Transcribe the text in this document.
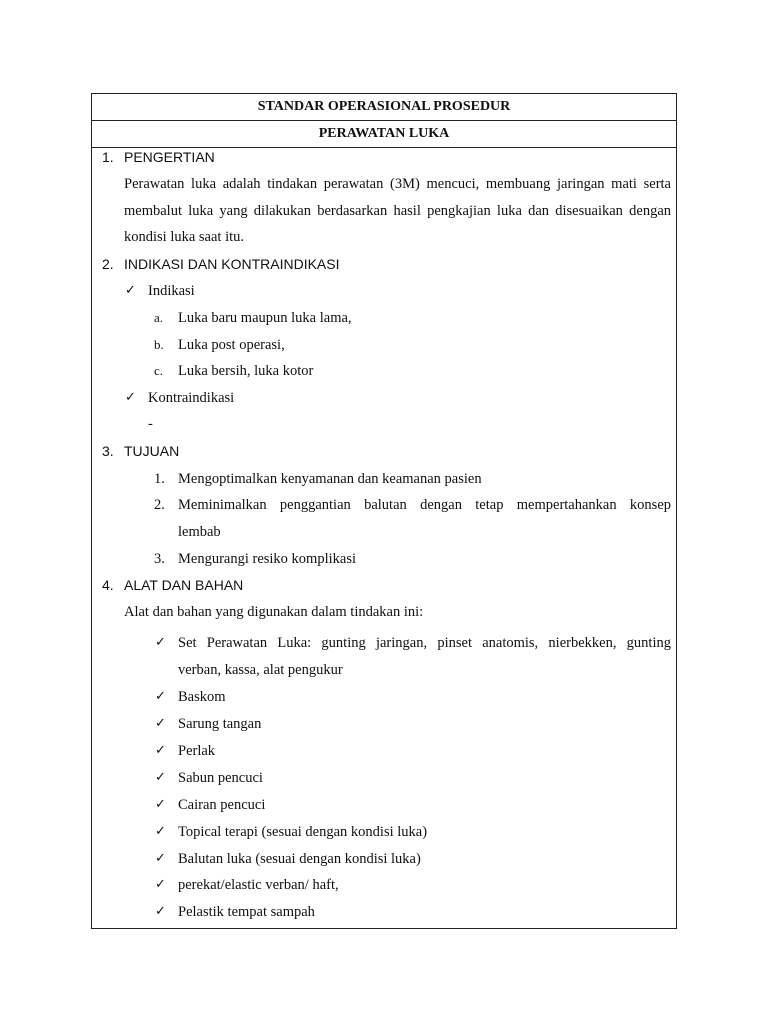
STANDAR OPERASIONAL PROSEDUR
PERAWATAN LUKA
1. PENGERTIAN
Perawatan luka adalah tindakan perawatan (3M) mencuci, membuang jaringan mati serta
membalut luka yang dilakukan berdasarkan hasil pengkajian luka dan disesuaikan dengan
kondisi luka saat itu.
2. INDIKASI DAN KONTRAINDIKASI
✓ Indikasi
a. Luka baru maupun luka lama,
b. Luka post operasi,
c. Luka bersih, luka kotor
✓ Kontraindikasi
-
3. TUJUAN
1. Mengoptimalkan kenyamanan dan keamanan pasien
2. Meminimalkan penggantian balutan dengan tetap mempertahankan konsep
lembab
3. Mengurangi resiko komplikasi
4. ALAT DAN BAHAN
Alat dan bahan yang digunakan dalam tindakan ini:
✓ Set Perawatan Luka: gunting jaringan, pinset anatomis, nierbekken, gunting
verban, kassa, alat pengukur
✓ Baskom
✓ Sarung tangan
✓ Perlak
✓ Sabun pencuci
✓ Cairan pencuci
✓ Topical terapi (sesuai dengan kondisi luka)
✓ Balutan luka (sesuai dengan kondisi luka)
✓ perekat/elastic verban/ haft,
✓ Pelastik tempat sampah
